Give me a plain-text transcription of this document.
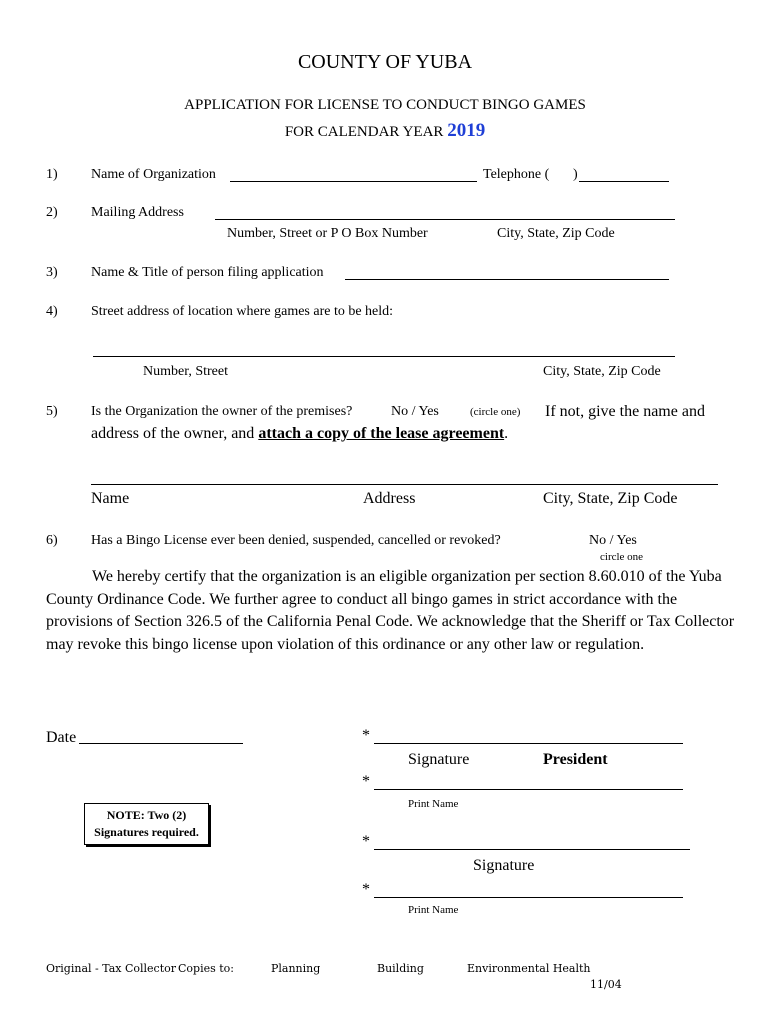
COUNTY OF YUBA
APPLICATION FOR LICENSE TO CONDUCT BINGO GAMES
FOR CALENDAR YEAR 2019
1) Name of Organization	Telephone ( )
2) Mailing Address
Number, Street or P O Box Number	City, State, Zip Code
3) Name & Title of person filing application
4) Street address of location where games are to be held:
Number, Street	City, State, Zip Code
5) Is the Organization the owner of the premises?	No / Yes	(circle one) If not, give the name and
address of the owner, and attach a copy of the lease agreement.
Name	Address	City, State, Zip Code
6) Has a Bingo License ever been denied, suspended, cancelled or revoked?	No / Yes
circle one

We hereby certify that the organization is an eligible organization per section 8.60.010 of the Yuba County Ordinance Code. We further agree to conduct all bingo games in strict accordance with the provisions of Section 326.5 of the California Penal Code. We acknowledge that the Sheriff or Tax Collector may revoke this bingo license upon violation of this ordinance or any other law or regulation.

Date	*
Signature	President
*
Print Name
NOTE: Two (2)
Signatures required.
*
Signature
*
Print Name
Original - Tax Collector Copies to:	Planning	Building	Environmental Health
11/04
